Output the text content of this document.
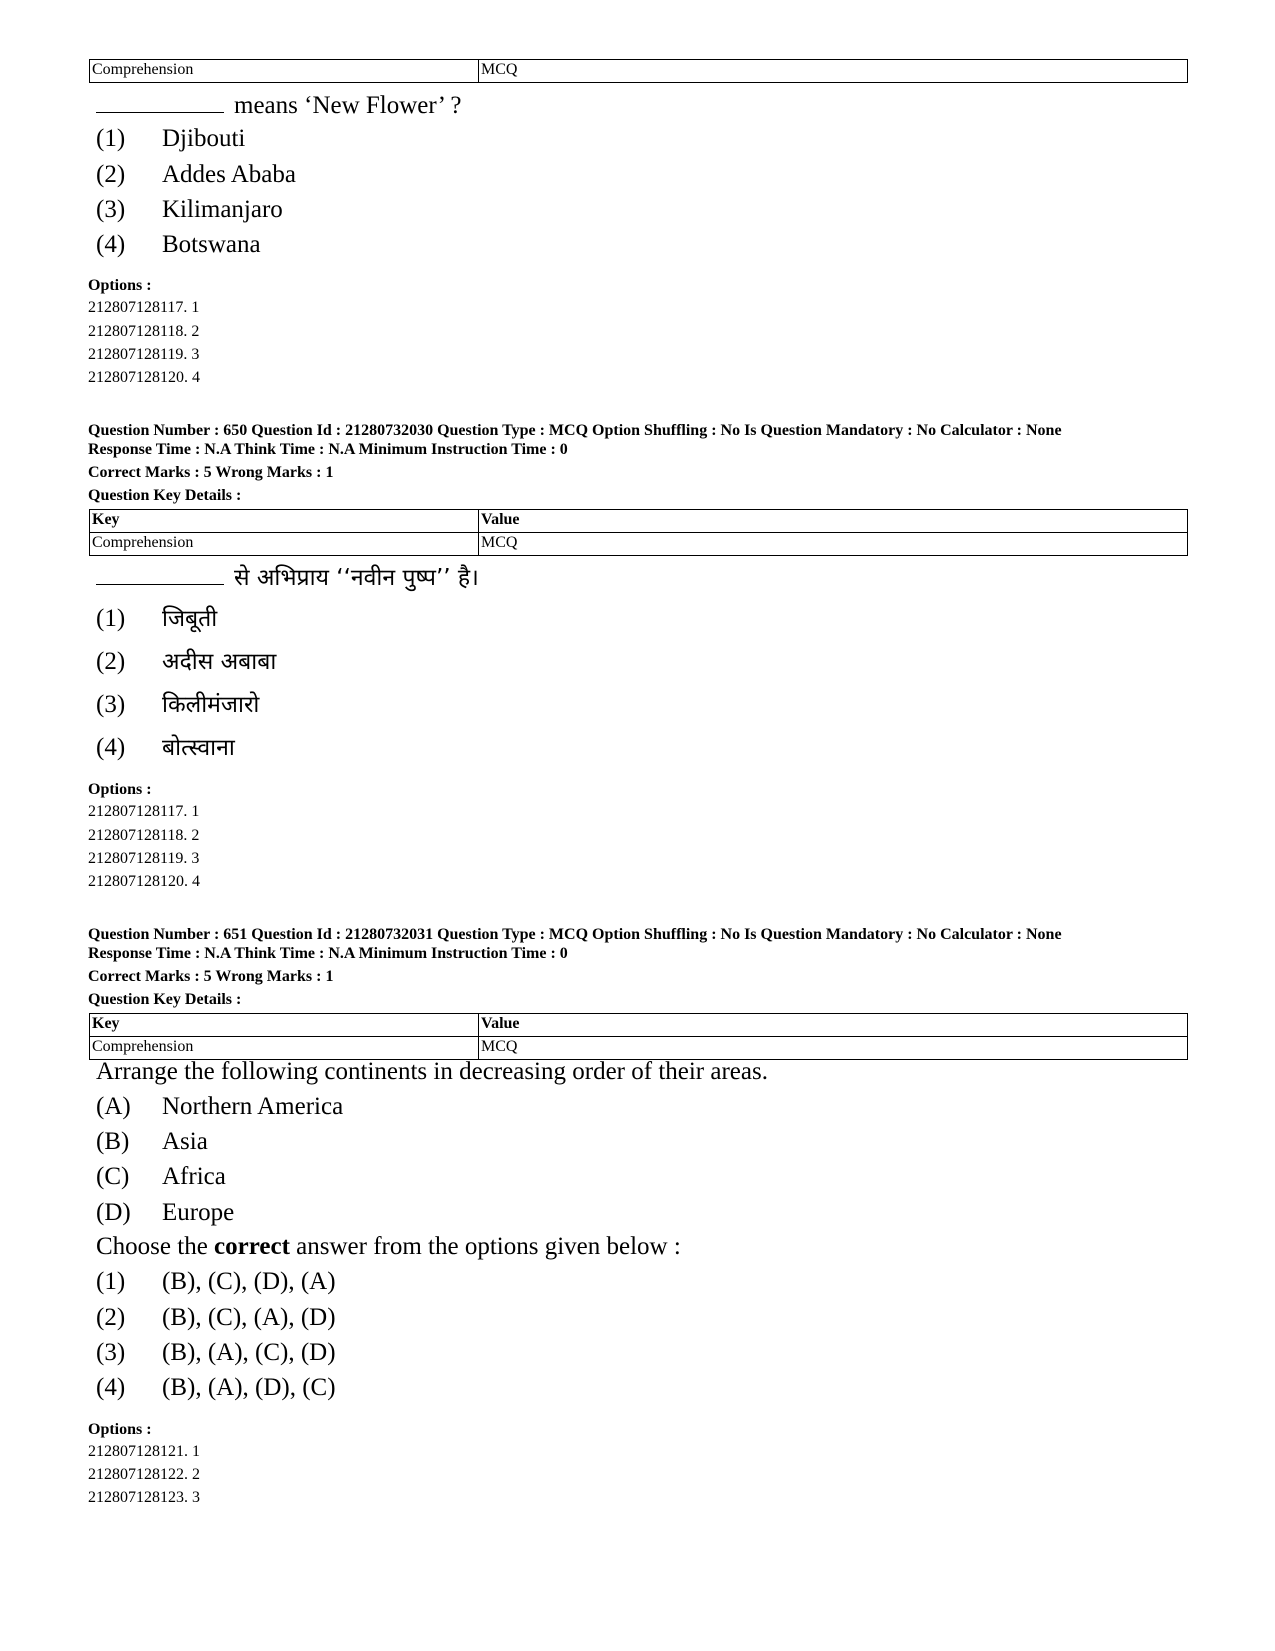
Comprehension	MCQ
means ‘New Flower’ ?
(1) Djibouti
(2) Addes Ababa
(3) Kilimanjaro
(4) Botswana
Options :
212807128117. 1
212807128118. 2
212807128119. 3
212807128120. 4
Question Number : 650 Question Id : 21280732030 Question Type : MCQ Option Shuffling : No Is Question Mandatory : No Calculator : None
Response Time : N.A Think Time : N.A Minimum Instruction Time : 0
Correct Marks : 5 Wrong Marks : 1
Question Key Details :
Key	Value
Comprehension	MCQ
से अभिप्राय ‘‘नवीन पुष्प’’ है।
(1) जिबूती
(2) अदीस अबाबा
(3) किलीमंजारो
(4) बोत्स्वाना
Options :
212807128117. 1
212807128118. 2
212807128119. 3
212807128120. 4
Question Number : 651 Question Id : 21280732031 Question Type : MCQ Option Shuffling : No Is Question Mandatory : No Calculator : None
Response Time : N.A Think Time : N.A Minimum Instruction Time : 0
Correct Marks : 5 Wrong Marks : 1
Question Key Details :
Key	Value
Comprehension	MCQ
Arrange the following continents in decreasing order of their areas.
(A) Northern America
(B) Asia
(C) Africa
(D) Europe
Choose the correct answer from the options given below :
(1) (B), (C), (D), (A)
(2) (B), (C), (A), (D)
(3) (B), (A), (C), (D)
(4) (B), (A), (D), (C)
Options :
212807128121. 1
212807128122. 2
212807128123. 3
